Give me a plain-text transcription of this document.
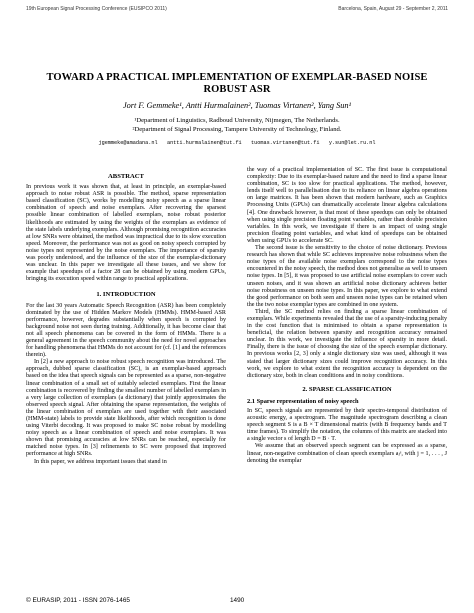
19th European Signal Processing Conference (EUSIPCO 2011)	Barcelona, Spain, August 29 - September 2, 2011
TOWARD A PRACTICAL IMPLEMENTATION OF EXEMPLAR-BASED NOISE ROBUST ASR
Jort F. Gemmeke¹, Antti Hurmalainen², Tuomas Virtanen², Yang Sun¹
¹Department of Linguistics, Radboud University, Nijmegen, The Netherlands.
²Department of Signal Processing, Tampere University of Technology, Finland.
jgemmeke@amadana.nl   antti.hurmalainen@tut.fi   tuomas.virtanen@tut.fi   y.sun@let.ru.nl
ABSTRACT

In previous work it was shown that, at least in principle, an exemplar-based approach to noise robust ASR is possible. The method, sparse representation based classification (SC), works by modelling noisy speech as a sparse linear combination of speech and noise exemplars. After recovering the sparsest possible linear combination of labelled exemplars, noise robust posterior likelihoods are estimated by using the weights of the exemplars as evidence of the state labels underlying exemplars. Although promising recognition accuracies at low SNRs were obtained, the method was impractical due to its slow execution speed. Moreover, the performance was not as good on noisy speech corrupted by noise types not represented by the noise exemplars. The importance of sparsity was poorly understood, and the influence of the size of the exemplar-dictionary was unclear. In this paper we investigate all these issues, and we show for example that speedups of a factor 28 can be obtained by using modern GPUs, bringing its execution speed within range to practical applications.

1. INTRODUCTION

For the last 30 years Automatic Speech Recognition (ASR) has been completely dominated by the use of Hidden Markov Models (HMMs). HMM-based ASR performance, however, degrades substantially when speech is corrupted by background noise not seen during training. Additionally, it has become clear that not all speech phenomena can be covered in the form of HMMs. There is a general agreement in the speech community about the need for novel approaches for handling phenomena that HMMs do not account for (cf. [1] and the references therein).

In [2] a new approach to noise robust speech recognition was introduced. The approach, dubbed sparse classification (SC), is an exemplar-based approach based on the idea that speech signals can be represented as a sparse, non-negative linear combination of a small set of suitably selected exemplars. First the linear combination is recovered by finding the smallest number of labelled exemplars in a very large collection of exemplars (a dictionary) that jointly approximates the observed speech signal. After obtaining the sparse representation, the weights of the linear combination of exemplars are used together with their associated (HMM-state) labels to provide state likelihoods, after which recognition is done using Viterbi decoding. It was proposed to make SC noise robust by modelling noisy speech as a linear combination of speech and noise exemplars. It was shown that promising accuracies at low SNRs can be reached, especially for matched noise types. In [3] refinements to SC were proposed that improved performance at high SNRs.

In this paper, we address important issues that stand in

the way of a practical implementation of SC. The first issue is computational complexity: Due to its exemplar-based nature and the need to find a sparse linear combination, SC is too slow for practical applications. The method, however, lends itself well to parallelisation due to its reliance on linear algebra operations on large matrices. It has been shown that modern hardware, such as Graphics Processing Units (GPUs) can dramatically accelerate linear algebra calculations [4]. One drawback however, is that most of these speedups can only be obtained when using single precision floating point variables, rather than double precision variables. In this work, we investigate if there is an impact of using single precision floating point variables, and what kind of speedups can be obtained when using GPUs to accelerate SC.

The second issue is the sensitivity to the choice of noise dictionary. Previous research has shown that while SC achieves impressive noise robustness when the noise types of the available noise exemplars correspond to the noise types encountered in the noisy speech, the method does not generalise as well to unseen noise types. In [5], it was proposed to use artificial noise exemplars to cover such unseen noises, and it was shown an artificial noise dictionary achieves better noise robustness on unseen noise types. In this paper, we explore to what extend the good performance on both seen and unseen noise types can be retained when the the two noise exemplar types are combined in one system.

Third, the SC method relies on finding a sparse linear combination of exemplars. While experiments revealed that the use of a sparsity-inducing penalty in the cost function that is minimised to obtain a sparse representation is beneficial, the relation between sparsity and recognition accuracy remained unclear. In this work, we investigate the influence of sparsity in more detail. Finally, there is the issue of choosing the size of the speech exemplar dictionary. In previous works [2, 3] only a single dictionary size was used, although it was stated that larger dictionary sizes could improve recognition accuracy. In this work, we explore to what extent the recognition accuracy is dependent on the dictionary size, both in clean conditions and in noisy conditions.

2. SPARSE CLASSIFICATION
2.1 Sparse representation of noisy speech

In SC, speech signals are represented by their spectro-temporal distribution of acoustic energy, a spectrogram. The magnitude spectrogram describing a clean speech segment S is a B × T dimensional matrix (with B frequency bands and T time frames). To simplify the notation, the columns of this matrix are stacked into a single vector s of length D = B · T.

We assume that an observed speech segment can be expressed as a sparse, linear, non-negative combination of clean speech exemplars aⱼˢ, with j = 1, . . . , J denoting the exemplar

© EURASIP, 2011 - ISSN 2076-1465	1490
